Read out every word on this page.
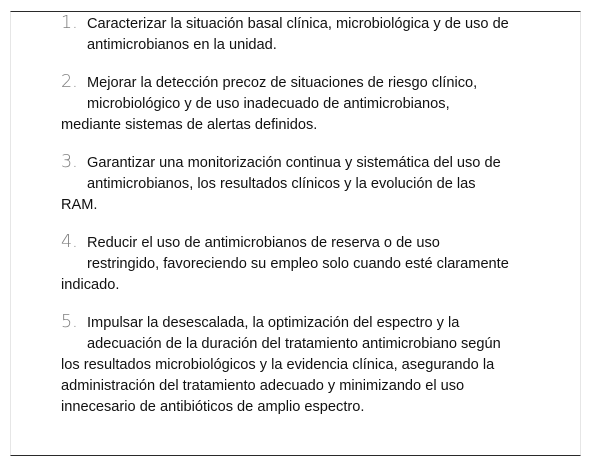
1. Caracterizar la situación basal clínica, microbiológica y de uso de
antimicrobianos en la unidad.
2. Mejorar la detección precoz de situaciones de riesgo clínico,
microbiológico y de uso inadecuado de antimicrobianos,
mediante sistemas de alertas definidos.
3. Garantizar una monitorización continua y sistemática del uso de
antimicrobianos, los resultados clínicos y la evolución de las
RAM.
4. Reducir el uso de antimicrobianos de reserva o de uso
restringido, favoreciendo su empleo solo cuando esté claramente
indicado.
5. Impulsar la desescalada, la optimización del espectro y la
adecuación de la duración del tratamiento antimicrobiano según
los resultados microbiológicos y la evidencia clínica, asegurando la
administración del tratamiento adecuado y minimizando el uso
innecesario de antibióticos de amplio espectro.
